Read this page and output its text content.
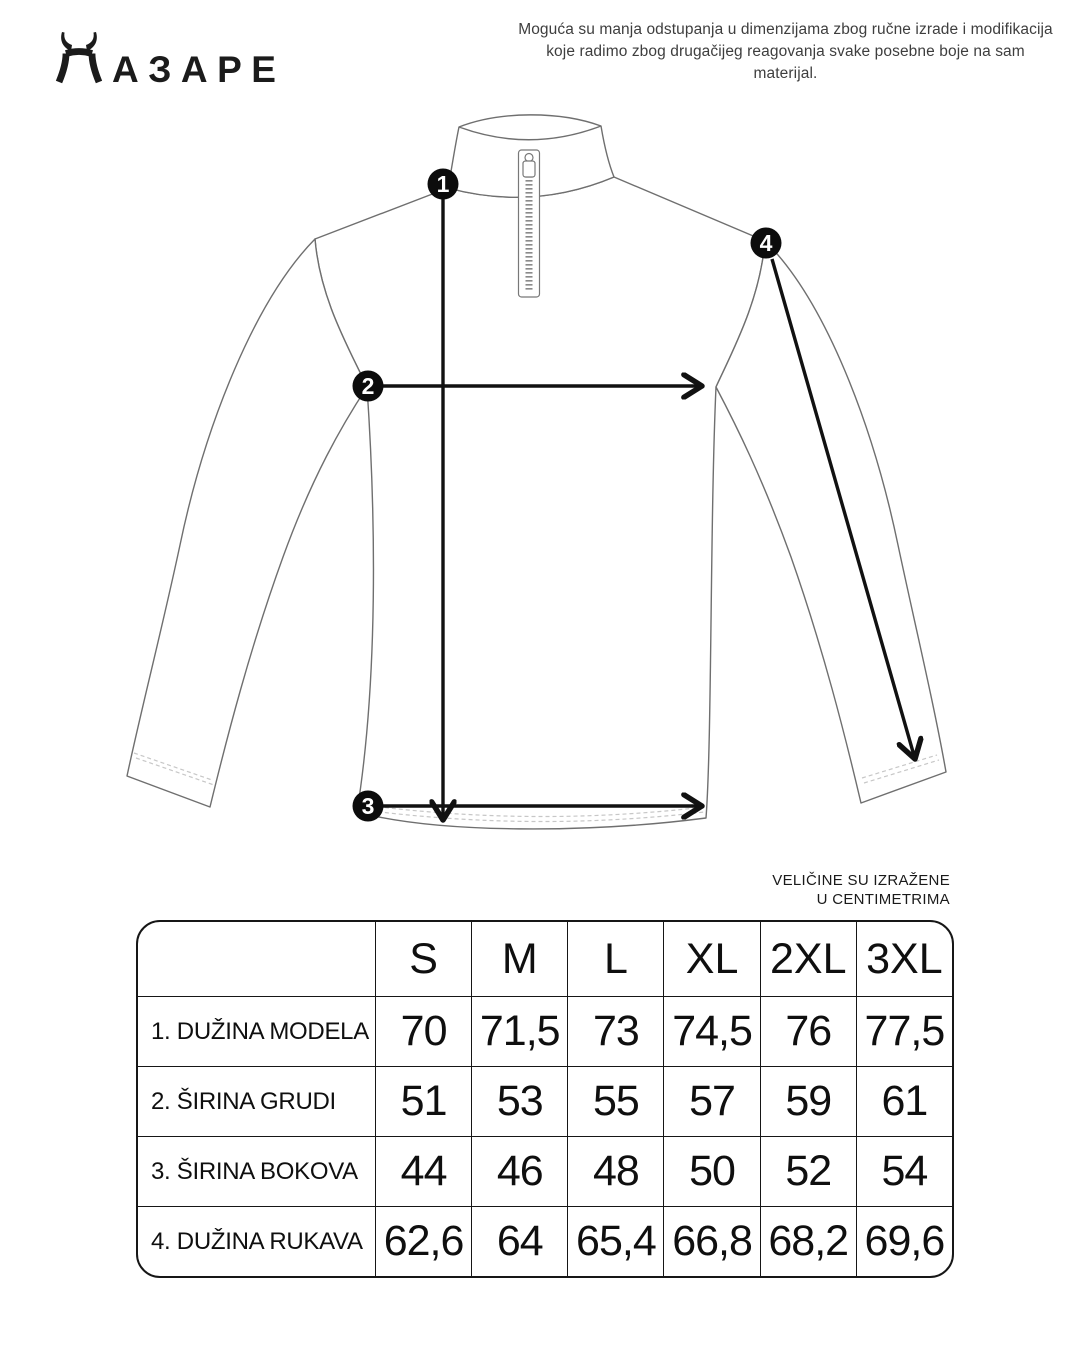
АЗАРЕ
Moguća su manja odstupanja u dimenzijama zbog ručne izrade i modifikacija
koje radimo zbog drugačijeg reagovanja svake posebne boje na sam materijal.
1
2
3
4
VELIČINE SU IZRAŽENE
U CENTIMETRIMA
S	M	L	XL 2XL 3XL
1. DUŽINA MODELA 70 71,5 73 74,5 76 77,5
2. ŠIRINA GRUDI	51	53	55	57	59	61
3. ŠIRINA BOKOVA 44	46	48	50	52	54
4. DUŽINA RUKAVA 62,6 64 65,4 66,8 68,2 69,6
